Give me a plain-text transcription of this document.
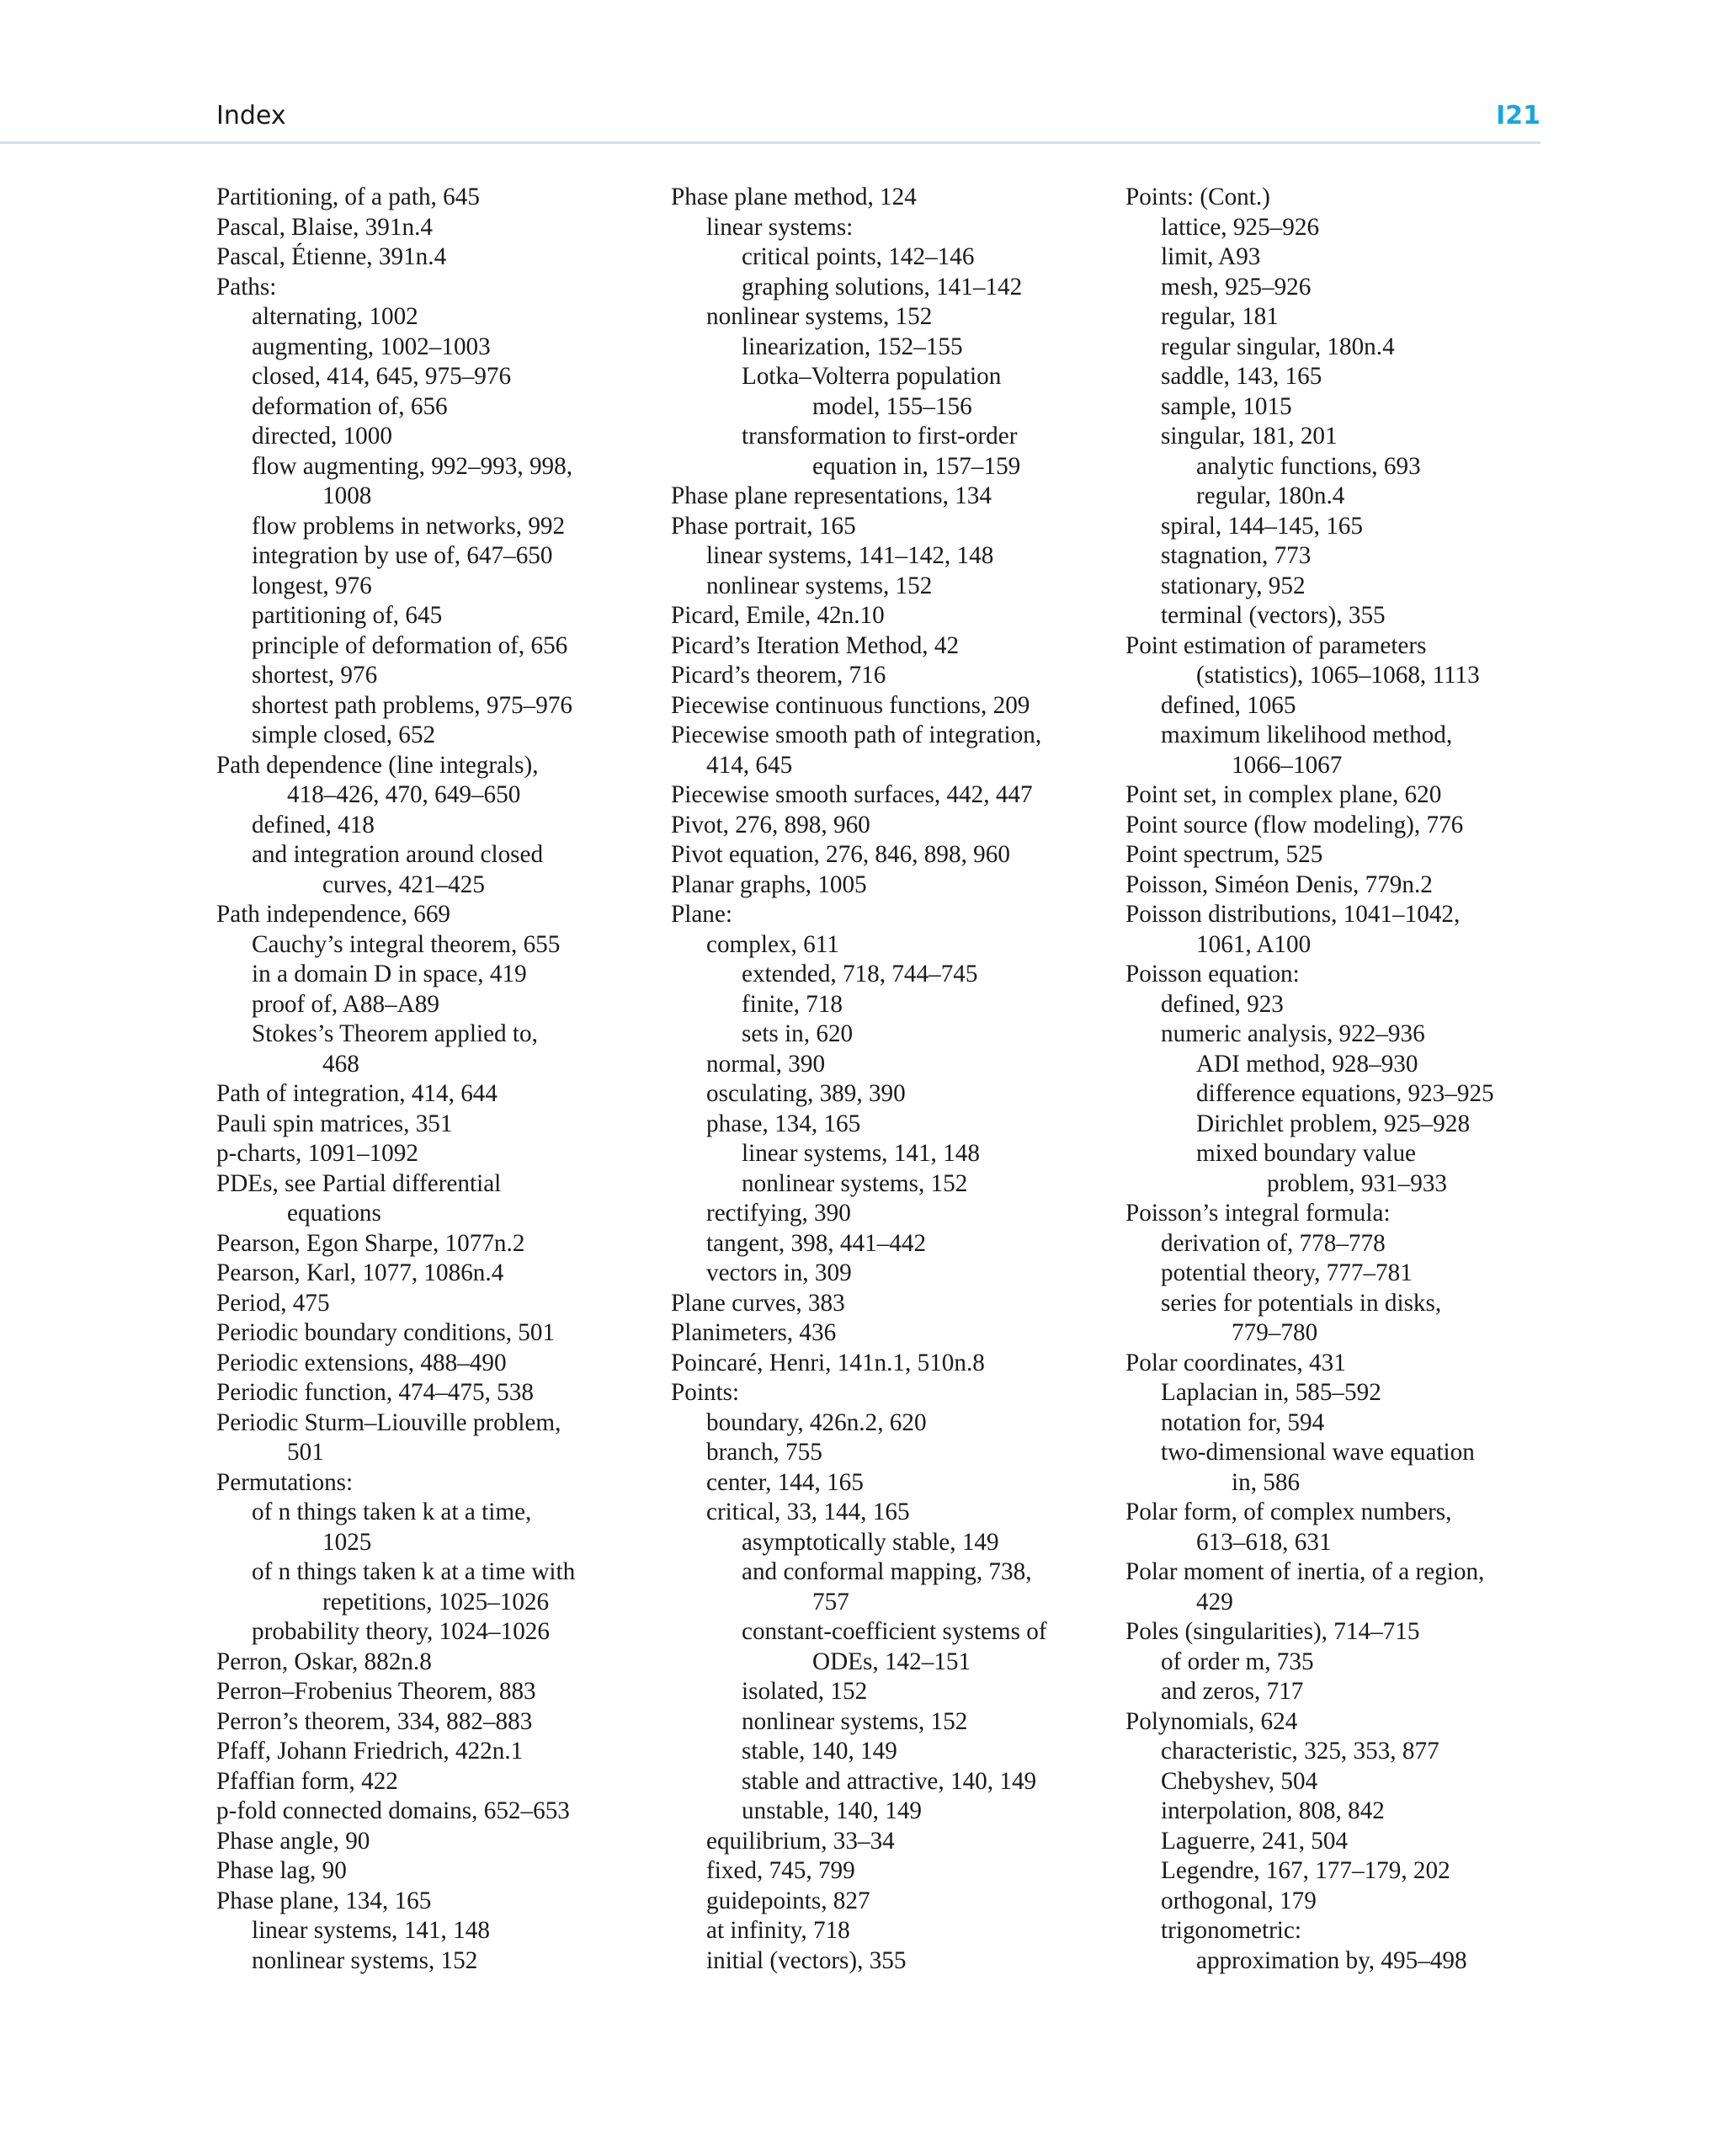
Index	I21
Partitioning, of a path, 645
Pascal, Blaise, 391n.4
Pascal, Étienne, 391n.4
Paths:
alternating, 1002
augmenting, 1002–1003
closed, 414, 645, 975–976
deformation of, 656
directed, 1000
flow augmenting, 992–993, 998,
1008
flow problems in networks, 992
integration by use of, 647–650
longest, 976
partitioning of, 645
principle of deformation of, 656
shortest, 976
shortest path problems, 975–976
simple closed, 652
Path dependence (line integrals),
418–426, 470, 649–650
defined, 418
and integration around closed
curves, 421–425
Path independence, 669
Cauchy’s integral theorem, 655
in a domain D in space, 419
proof of, A88–A89
Stokes’s Theorem applied to,
468
Path of integration, 414, 644
Pauli spin matrices, 351
p-charts, 1091–1092
PDEs, see Partial differential
equations
Pearson, Egon Sharpe, 1077n.2
Pearson, Karl, 1077, 1086n.4
Period, 475
Periodic boundary conditions, 501
Periodic extensions, 488–490
Periodic function, 474–475, 538
Periodic Sturm–Liouville problem,
501
Permutations:
of n things taken k at a time,
1025
of n things taken k at a time with
repetitions, 1025–1026
probability theory, 1024–1026
Perron, Oskar, 882n.8
Perron–Frobenius Theorem, 883
Perron’s theorem, 334, 882–883
Pfaff, Johann Friedrich, 422n.1
Pfaffian form, 422
p-fold connected domains, 652–653
Phase angle, 90
Phase lag, 90
Phase plane, 134, 165
linear systems, 141, 148
nonlinear systems, 152
Phase plane method, 124
linear systems:
critical points, 142–146
graphing solutions, 141–142
nonlinear systems, 152
linearization, 152–155
Lotka–Volterra population
model, 155–156
transformation to first-order
equation in, 157–159
Phase plane representations, 134
Phase portrait, 165
linear systems, 141–142, 148
nonlinear systems, 152
Picard, Emile, 42n.10
Picard’s Iteration Method, 42
Picard’s theorem, 716
Piecewise continuous functions, 209
Piecewise smooth path of integration,
414, 645
Piecewise smooth surfaces, 442, 447
Pivot, 276, 898, 960
Pivot equation, 276, 846, 898, 960
Planar graphs, 1005
Plane:
complex, 611
extended, 718, 744–745
finite, 718
sets in, 620
normal, 390
osculating, 389, 390
phase, 134, 165
linear systems, 141, 148
nonlinear systems, 152
rectifying, 390
tangent, 398, 441–442
vectors in, 309
Plane curves, 383
Planimeters, 436
Poincaré, Henri, 141n.1, 510n.8
Points:
boundary, 426n.2, 620
branch, 755
center, 144, 165
critical, 33, 144, 165
asymptotically stable, 149
and conformal mapping, 738,
757
constant-coefficient systems of
ODEs, 142–151
isolated, 152
nonlinear systems, 152
stable, 140, 149
stable and attractive, 140, 149
unstable, 140, 149
equilibrium, 33–34
fixed, 745, 799
guidepoints, 827
at infinity, 718
initial (vectors), 355
Points: (Cont.)
lattice, 925–926
limit, A93
mesh, 925–926
regular, 181
regular singular, 180n.4
saddle, 143, 165
sample, 1015
singular, 181, 201
analytic functions, 693
regular, 180n.4
spiral, 144–145, 165
stagnation, 773
stationary, 952
terminal (vectors), 355
Point estimation of parameters
(statistics), 1065–1068, 1113
defined, 1065
maximum likelihood method,
1066–1067
Point set, in complex plane, 620
Point source (flow modeling), 776
Point spectrum, 525
Poisson, Siméon Denis, 779n.2
Poisson distributions, 1041–1042,
1061, A100
Poisson equation:
defined, 923
numeric analysis, 922–936
ADI method, 928–930
difference equations, 923–925
Dirichlet problem, 925–928
mixed boundary value
problem, 931–933
Poisson’s integral formula:
derivation of, 778–778
potential theory, 777–781
series for potentials in disks,
779–780
Polar coordinates, 431
Laplacian in, 585–592
notation for, 594
two-dimensional wave equation
in, 586
Polar form, of complex numbers,
613–618, 631
Polar moment of inertia, of a region,
429
Poles (singularities), 714–715
of order m, 735
and zeros, 717
Polynomials, 624
characteristic, 325, 353, 877
Chebyshev, 504
interpolation, 808, 842
Laguerre, 241, 504
Legendre, 167, 177–179, 202
orthogonal, 179
trigonometric:
approximation by, 495–498
